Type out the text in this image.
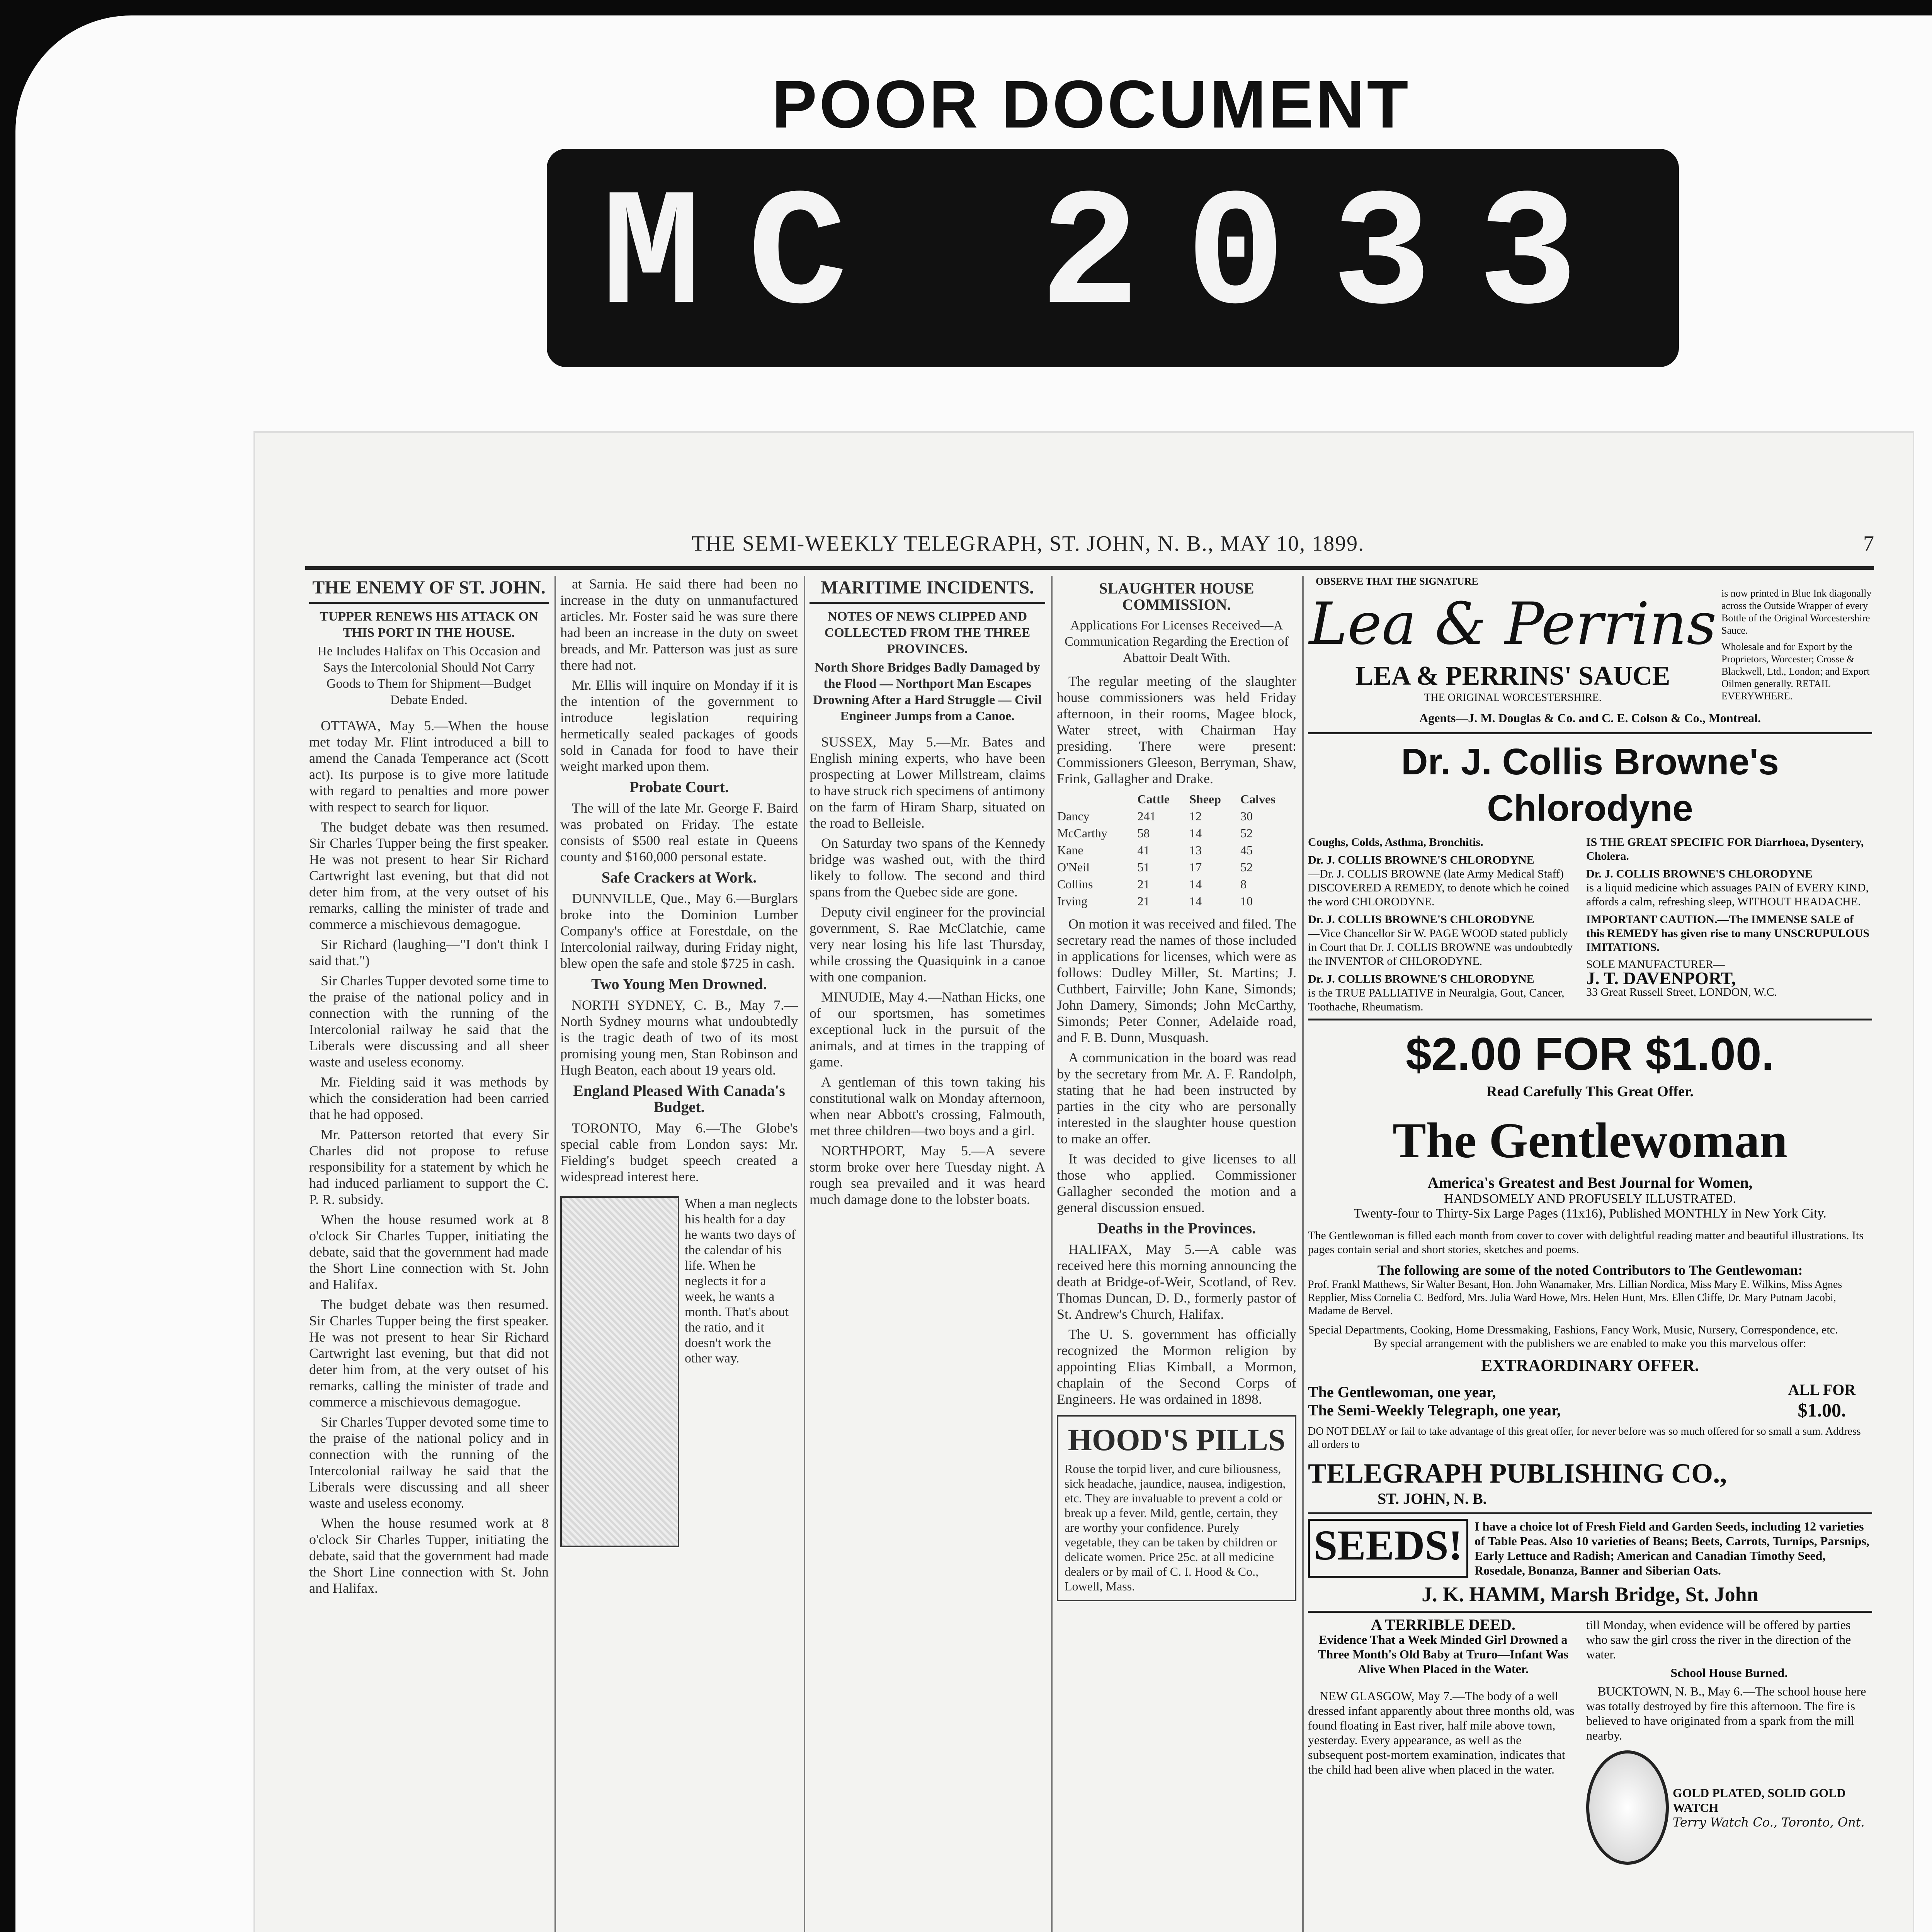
POOR DOCUMENT
MC 2033
THE SEMI-WEEKLY TELEGRAPH, ST. JOHN, N. B., MAY 10, 1899.	7
THE ENEMY OF ST. JOHN.
TUPPER RENEWS HIS ATTACK ON THIS PORT IN THE HOUSE.
He Includes Halifax on This Occasion and Says the Intercolonial Should Not Carry Goods to Them for Shipment—Budget Debate Ended.

OTTAWA, May 5.—When the house met today Mr. Flint introduced a bill to amend the Canada Temperance act (Scott act). Its purpose is to give more latitude with regard to penalties and more power with respect to search for liquor.

The budget debate was then resumed. Sir Charles Tupper being the first speaker. He was not present to hear Sir Richard Cartwright last evening, but that did not deter him from, at the very outset of his remarks, calling the minister of trade and commerce a mischievous demagogue.

Sir Richard (laughing—"I don't think I said that.")

Sir Charles Tupper devoted some time to the praise of the national policy and in connection with the running of the Intercolonial railway he said that the Liberals were discussing and all sheer waste and useless economy.

Mr. Fielding said it was methods by which the consideration had been carried that he had opposed.

Mr. Patterson retorted that every Sir Charles did not propose to refuse responsibility for a statement by which he had induced parliament to support the C. P. R. subsidy.

When the house resumed work at 8 o'clock Sir Charles Tupper, initiating the debate, said that the government had made the Short Line connection with St. John and Halifax.

The budget debate was then resumed. Sir Charles Tupper being the first speaker. He was not present to hear Sir Richard Cartwright last evening, but that did not deter him from, at the very outset of his remarks, calling the minister of trade and commerce a mischievous demagogue.

Sir Charles Tupper devoted some time to the praise of the national policy and in connection with the running of the Intercolonial railway he said that the Liberals were discussing and all sheer waste and useless economy.

When the house resumed work at 8 o'clock Sir Charles Tupper, initiating the debate, said that the government had made the Short Line connection with St. John and Halifax.

at Sarnia. He said there had been no increase in the duty on unmanufactured articles. Mr. Foster said he was sure there had been an increase in the duty on sweet breads, and Mr. Patterson was just as sure there had not.

Mr. Ellis will inquire on Monday if it is the intention of the government to introduce legislation requiring hermetically sealed packages of goods sold in Canada for food to have their weight marked upon them.

Probate Court.

The will of the late Mr. George F. Baird was probated on Friday. The estate consists of $500 real estate in Queens county and $160,000 personal estate.

Safe Crackers at Work.

DUNNVILLE, Que., May 6.—Burglars broke into the Dominion Lumber Company's office at Forestdale, on the Intercolonial railway, during Friday night, blew open the safe and stole $725 in cash.

Two Young Men Drowned.

NORTH SYDNEY, C. B., May 7.—North Sydney mourns what undoubtedly is the tragic death of two of its most promising young men, Stan Robinson and Hugh Beaton, each about 19 years old.

England Pleased With Canada's Budget.

TORONTO, May 6.—The Globe's special cable from London says: Mr. Fielding's budget speech created a widespread interest here.

When a man neglects his health for a day he wants two days of the calendar of his life. When he neglects it for a week, he wants a month. That's about the ratio, and it doesn't work the other way.
MARITIME INCIDENTS.
NOTES OF NEWS CLIPPED AND COLLECTED FROM THE THREE PROVINCES.
North Shore Bridges Badly Damaged by the Flood — Northport Man Escapes Drowning After a Hard Struggle — Civil Engineer Jumps from a Canoe.

SUSSEX, May 5.—Mr. Bates and English mining experts, who have been prospecting at Lower Millstream, claims to have struck rich specimens of antimony on the farm of Hiram Sharp, situated on the road to Belleisle.

On Saturday two spans of the Kennedy bridge was washed out, with the third likely to follow. The second and third spans from the Quebec side are gone.

Deputy civil engineer for the provincial government, S. Rae McClatchie, came very near losing his life last Thursday, while crossing the Quasiquink in a canoe with one companion.

MINUDIE, May 4.—Nathan Hicks, one of our sportsmen, has sometimes exceptional luck in the pursuit of the animals, and at times in the trapping of game.

A gentleman of this town taking his constitutional walk on Monday afternoon, when near Abbott's crossing, Falmouth, met three children—two boys and a girl.

NORTHPORT, May 5.—A severe storm broke over here Tuesday night. A rough sea prevailed and it was heard much damage done to the lobster boats.

SLAUGHTER HOUSE COMMISSION.
Applications For Licenses Received—A Communication Regarding the Erection of Abattoir Dealt With.

The regular meeting of the slaughter house commissioners was held Friday afternoon, in their rooms, Magee block, Water street, with Chairman Hay presiding. There were present: Commissioners Gleeson, Berryman, Shaw, Frink, Gallagher and Drake.

	Cattle	Sheep	Calves
Dancy	241	12	30
McCarthy	58	14	52
Kane	41	13	45
O'Neil	51	17	52
Collins	21	14	8
Irving	21	14	10

On motion it was received and filed. The secretary read the names of those included in applications for licenses, which were as follows: Dudley Miller, St. Martins; J. Cuthbert, Fairville; John Kane, Simonds; John Damery, Simonds; John McCarthy, Simonds; Peter Conner, Adelaide road, and F. B. Dunn, Musquash.

A communication in the board was read by the secretary from Mr. A. F. Randolph, stating that he had been instructed by parties in the city who are personally interested in the slaughter house question to make an offer.

It was decided to give licenses to all those who applied. Commissioner Gallagher seconded the motion and a general discussion ensued.

Deaths in the Provinces.

HALIFAX, May 5.—A cable was received here this morning announcing the death at Bridge-of-Weir, Scotland, of Rev. Thomas Duncan, D. D., formerly pastor of St. Andrew's Church, Halifax.

The U. S. government has officially recognized the Mormon religion by appointing Elias Kimball, a Mormon, chaplain of the Second Corps of Engineers. He was ordained in 1898.

HOOD'S PILLS
Rouse the torpid liver, and cure biliousness, sick headache, jaundice, nausea, indigestion, etc. They are invaluable to prevent a cold or break up a fever. Mild, gentle, certain, they are worthy your confidence. Purely vegetable, they can be taken by children or delicate women. Price 25c. at all medicine dealers or by mail of C. I. Hood & Co., Lowell, Mass.
OBSERVE THAT THE SIGNATURE
Lea & Perrins
LEA & PERRINS' SAUCE
THE ORIGINAL WORCESTERSHIRE.
is now printed in Blue Ink diagonally across the Outside Wrapper of every Bottle of the Original Worcestershire Sauce.
Wholesale and for Export by the Proprietors, Worcester; Crosse & Blackwell, Ltd., London; and Export Oilmen generally. RETAIL EVERYWHERE.
Agents—J. M. Douglas & Co. and C. E. Colson & Co., Montreal.
Dr. J. Collis Browne's Chlorodyne
Coughs, Colds, Asthma, Bronchitis.
Dr. J. COLLIS BROWNE'S CHLORODYNE
—Dr. J. COLLIS BROWNE (late Army Medical Staff) DISCOVERED A REMEDY, to denote which he coined the word CHLORODYNE.
Dr. J. COLLIS BROWNE'S CHLORODYNE
—Vice Chancellor Sir W. PAGE WOOD stated publicly in Court that Dr. J. COLLIS BROWNE was undoubtedly the INVENTOR of CHLORODYNE.
Dr. J. COLLIS BROWNE'S CHLORODYNE
is the TRUE PALLIATIVE in Neuralgia, Gout, Cancer, Toothache, Rheumatism.
IS THE GREAT SPECIFIC FOR Diarrhoea, Dysentery, Cholera.
Dr. J. COLLIS BROWNE'S CHLORODYNE
is a liquid medicine which assuages PAIN of EVERY KIND, affords a calm, refreshing sleep, WITHOUT HEADACHE.
IMPORTANT CAUTION.—The IMMENSE SALE of this REMEDY has given rise to many UNSCRUPULOUS IMITATIONS.
SOLE MANUFACTURER—
J. T. DAVENPORT,
33 Great Russell Street, LONDON, W.C.
$2.00 FOR $1.00.
Read Carefully This Great Offer.
The Gentlewoman
America's Greatest and Best Journal for Women,
HANDSOMELY AND PROFUSELY ILLUSTRATED.
Twenty-four to Thirty-Six Large Pages (11x16), Published MONTHLY in New York City.
The Gentlewoman is filled each month from cover to cover with delightful reading matter and beautiful illustrations. Its pages contain serial and short stories, sketches and poems.
The following are some of the noted Contributors to The Gentlewoman:
Prof. Frankl Matthews, Sir Walter Besant, Hon. John Wanamaker, Mrs. Lillian Nordica, Miss Mary E. Wilkins, Miss Agnes Repplier, Miss Cornelia C. Bedford, Mrs. Julia Ward Howe, Mrs. Helen Hunt, Mrs. Ellen Cliffe, Dr. Mary Putnam Jacobi, Madame de Bervel.
Special Departments, Cooking, Home Dressmaking, Fashions, Fancy Work, Music, Nursery, Correspondence, etc.
By special arrangement with the publishers we are enabled to make you this marvelous offer:
EXTRAORDINARY OFFER.
The Gentlewoman, one year,
The Semi-Weekly Telegraph, one year,
ALL FOR
$1.00.
DO NOT DELAY or fail to take advantage of this great offer, for never before was so much offered for so small a sum. Address all orders to
TELEGRAPH PUBLISHING CO.,
ST. JOHN, N. B.
SEEDS! I have a choice lot of Fresh Field and Garden Seeds, including 12 varieties of Table Peas. Also 10 varieties of Beans; Beets, Carrots, Turnips, Parsnips, Early Lettuce and Radish; American and Canadian Timothy Seed, Rosedale, Bonanza, Banner and Siberian Oats.
J. K. HAMM, Marsh Bridge, St. John
A TERRIBLE DEED.
Evidence That a Week Minded Girl Drowned a Three Month's Old Baby at Truro—Infant Was Alive When Placed in the Water.

NEW GLASGOW, May 7.—The body of a well dressed infant apparently about three months old, was found floating in East river, half mile above town, yesterday. Every appearance, as well as the subsequent post-mortem examination, indicates that the child had been alive when placed in the water.

till Monday, when evidence will be offered by parties who saw the girl cross the river in the direction of the water.

School House Burned.

BUCKTOWN, N. B., May 6.—The school house here was totally destroyed by fire this afternoon. The fire is believed to have originated from a spark from the mill nearby.

GOLD PLATED, SOLID GOLD WATCH
Terry Watch Co., Toronto, Ont.
